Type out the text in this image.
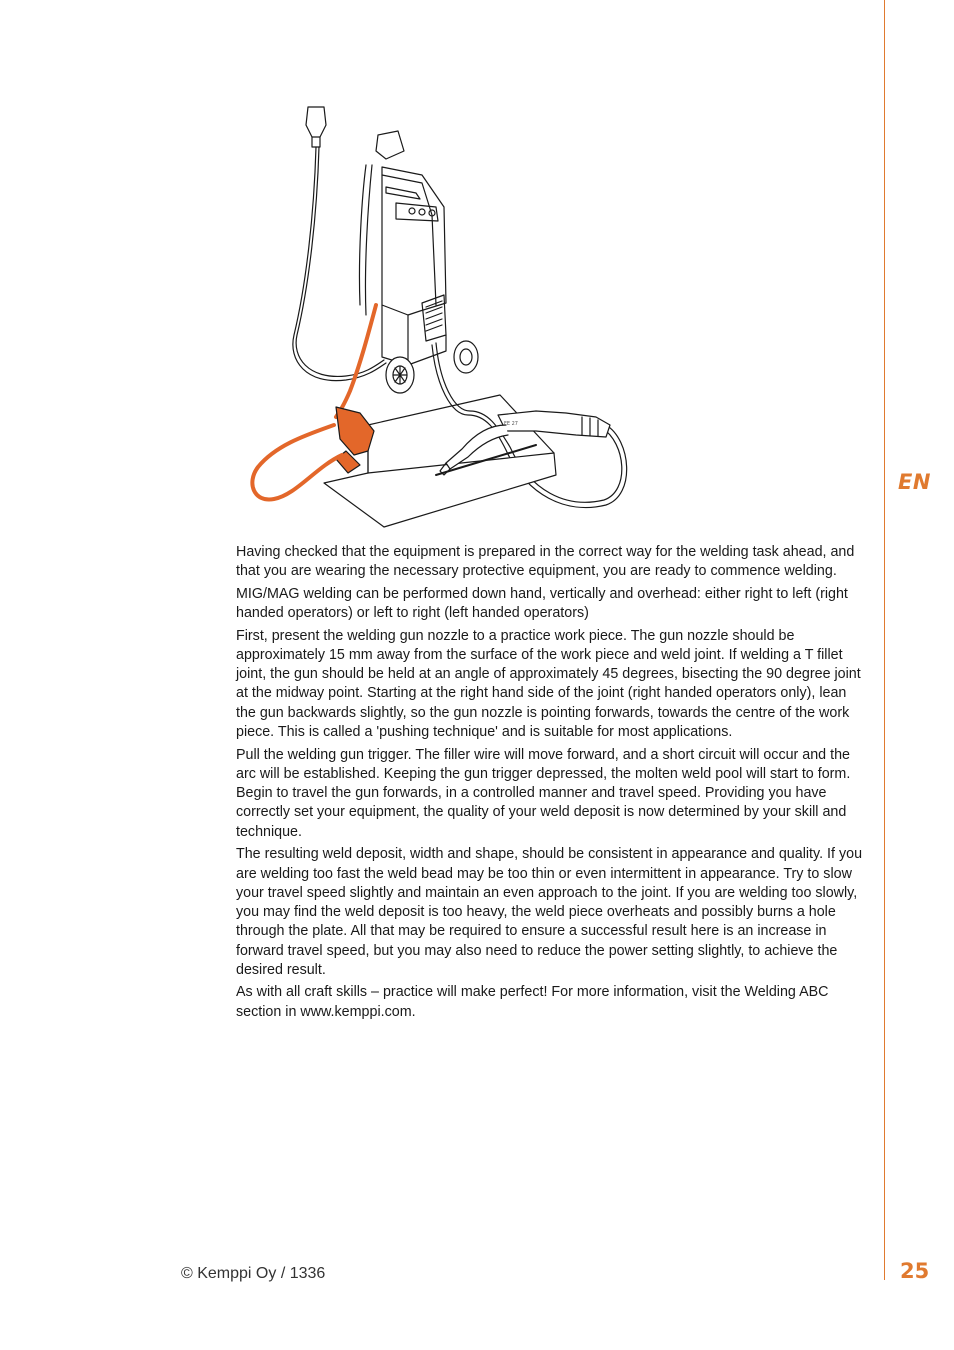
EN
FE 27

Having checked that the equipment is prepared in the correct way for the welding task ahead, and that you are wearing the necessary protective equipment, you are ready to commence welding.

MIG/MAG welding can be performed down hand, vertically and overhead: either right to left (right handed operators) or left to right (left handed operators)

First, present the welding gun nozzle to a practice work piece. The gun nozzle should be approximately 15 mm away from the surface of the work piece and weld joint. If welding a T fillet joint, the gun should be held at an angle of approximately 45 degrees, bisecting the 90 degree joint at the midway point. Starting at the right hand side of the joint (right handed operators only), lean the gun backwards slightly, so the gun nozzle is pointing forwards, towards the centre of the work piece. This is called a 'pushing technique' and is suitable for most applications.

Pull the welding gun trigger. The filler wire will move forward, and a short circuit will occur and the arc will be established. Keeping the gun trigger depressed, the molten weld pool will start to form. Begin to travel the gun forwards, in a controlled manner and travel speed. Providing you have correctly set your equipment, the quality of your weld deposit is now determined by your skill and technique.

The resulting weld deposit, width and shape, should be consistent in appearance and quality. If you are welding too fast the weld bead may be too thin or even intermittent in appearance. Try to slow your travel speed slightly and maintain an even approach to the joint. If you are welding too slowly, you may find the weld deposit is too heavy, the weld piece overheats and possibly burns a hole through the plate. All that may be required to ensure a successful result here is an increase in forward travel speed, but you may also need to reduce the power setting slightly, to achieve the desired result.

As with all craft skills – practice will make perfect! For more information, visit the Welding ABC section in www.kemppi.com.

© Kemppi Oy / 1336	25
